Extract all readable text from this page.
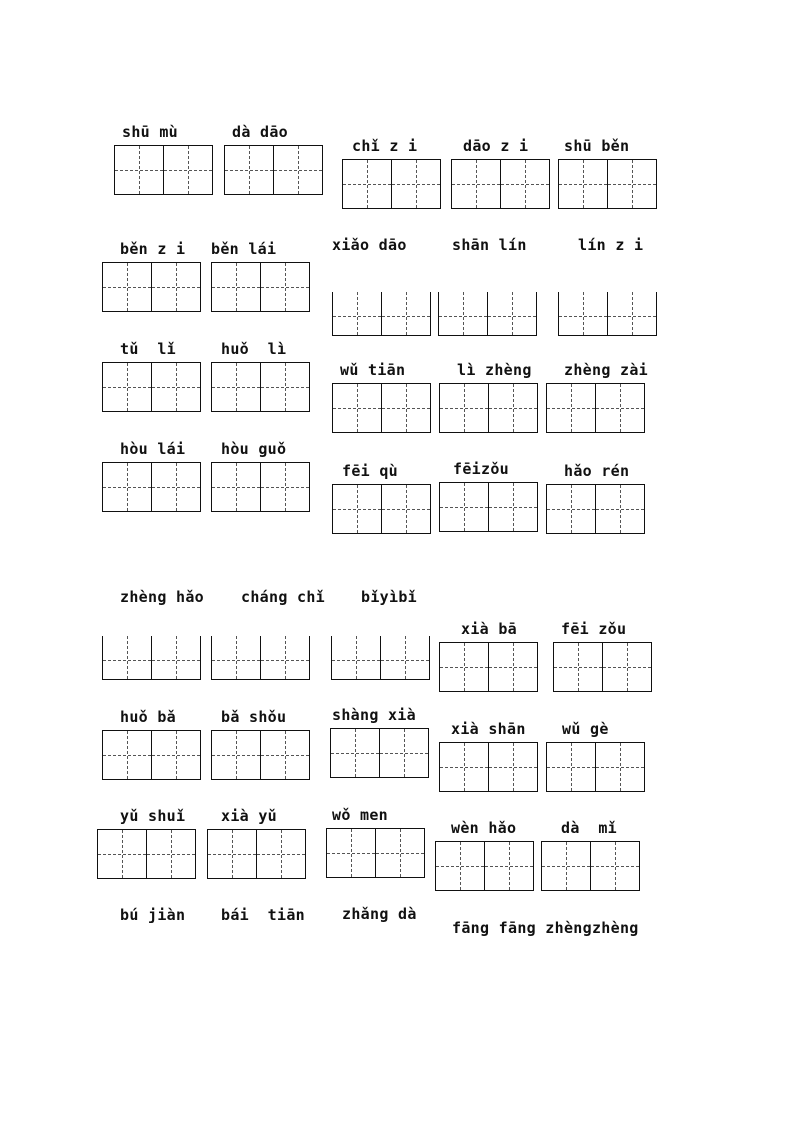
shū mù	dà dāo
chǐ z i	dāo z i shū běn
běn z i běn lái	xiǎo dāo	shān lín	lín z i
tǔ  lǐ	huǒ  lì
wǔ tiān	lì zhèng zhèng zài
hòu lái hòu guǒ
fēi qù	fēizǒu	hǎo rén
zhèng hǎo cháng chǐ bǐyìbǐ
xià bā	fēi zǒu
huǒ bǎ	bǎ shǒu	shàng xià
xià shān wǔ gè
yǔ shuǐ xià yǔ	wǒ men
wèn hǎo	dà  mǐ
bú jiàn bái  tiān zhǎng dà
fāng fāng zhèngzhèng
